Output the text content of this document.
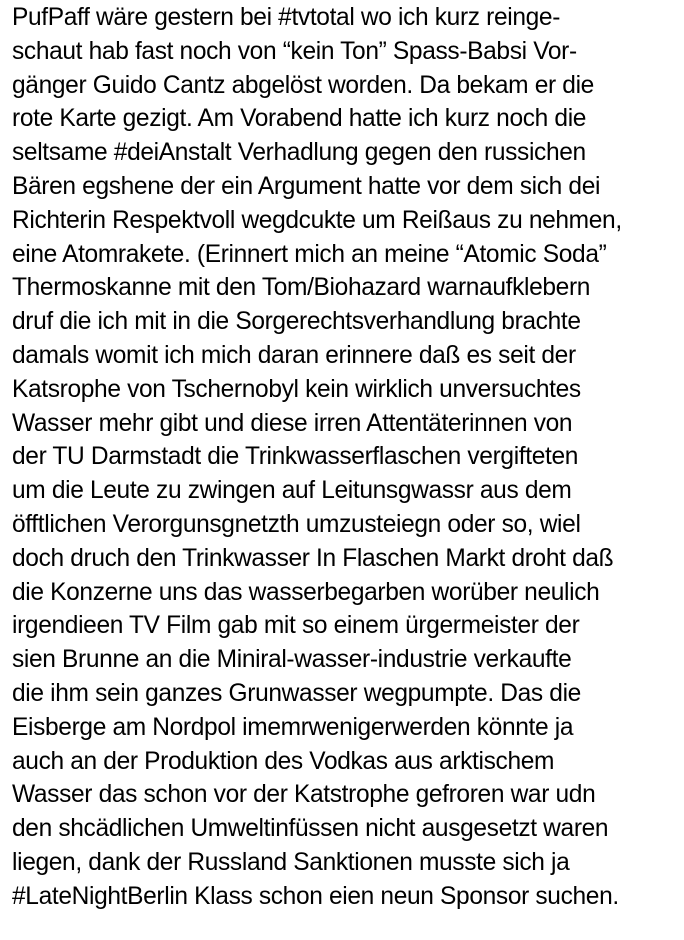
PufPaff wäre gestern bei #tvtotal wo ich kurz reinge-
schaut hab fast noch von “kein Ton” Spass-Babsi Vor-
gänger Guido Cantz abgelöst worden. Da bekam er die
rote Karte gezigt. Am Vorabend hatte ich kurz noch die
seltsame #deiAnstalt Verhadlung gegen den russichen
Bären egshene der ein Argument hatte vor dem sich dei
Richterin Respektvoll wegdcukte um Reißaus zu nehmen,
eine Atomrakete. (Erinnert mich an meine “Atomic Soda”
Thermoskanne mit den Tom/Biohazard warnaufklebern
druf die ich mit in die Sorgerechtsverhandlung brachte
damals womit ich mich daran erinnere daß es seit der
Katsrophe von Tschernobyl kein wirklich unversuchtes
Wasser mehr gibt und diese irren Attentäterinnen von
der TU Darmstadt die Trinkwasserflaschen vergifteten
um die Leute zu zwingen auf Leitunsgwassr aus dem
öfftlichen Verorgunsgnetzth umzusteiegn oder so, wiel
doch druch den Trinkwasser In Flaschen Markt droht daß
die Konzerne uns das wasserbegarben worüber neulich
irgendieen TV Film gab mit so einem ürgermeister der
sien Brunne an die Miniral-wasser-industrie verkaufte
die ihm sein ganzes Grunwasser wegpumpte. Das die
Eisberge am Nordpol imemrwenigerwerden könnte ja
auch an der Produktion des Vodkas aus arktischem
Wasser das schon vor der Katstrophe gefroren war udn
den shcädlichen Umweltinfüssen nicht ausgesetzt waren
liegen, dank der Russland Sanktionen musste sich ja
#LateNightBerlin Klass schon eien neun Sponsor suchen.
